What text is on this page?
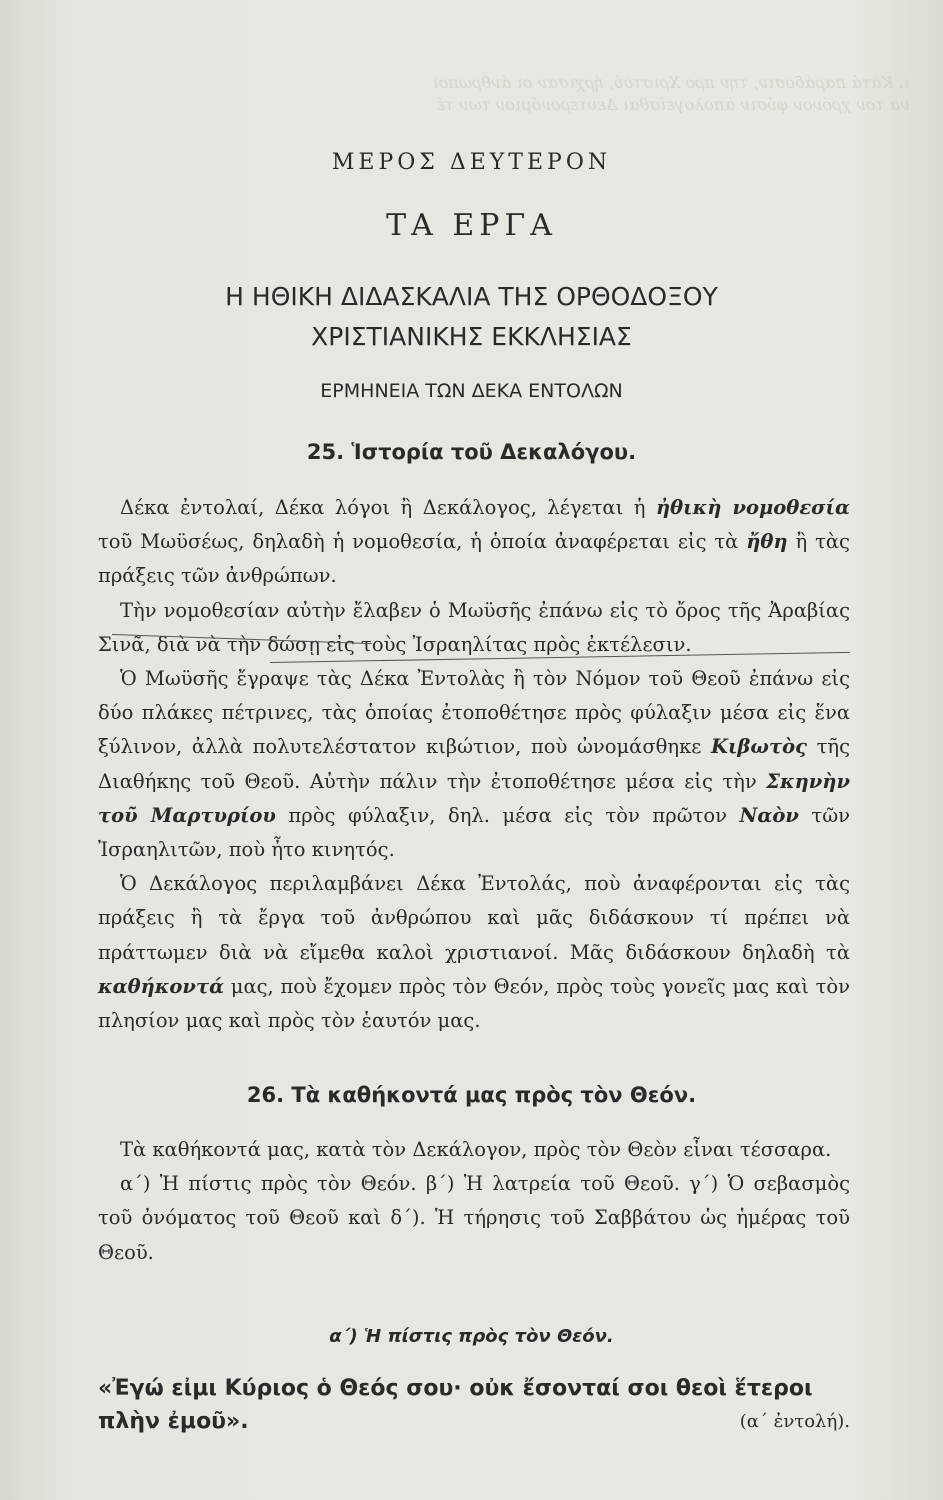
ι. Κατά παράδοσιν, την προ Χριστού, ήρχισαν οι άνθρωποι
να τον χρόνον φύσιν απολογείσθαι Δευτερονόμιον των τέ
ΜΕΡΟΣ ΔΕΥΤΕΡΟΝ
ΤΑ ΕΡΓΑ
Η ΗΘΙΚΗ ΔΙΔΑΣΚΑΛΙΑ ΤΗΣ ΟΡΘΟΔΟΞΟΥ
ΧΡΙΣΤΙΑΝΙΚΗΣ ΕΚΚΛΗΣΙΑΣ
ΕΡΜΗΝΕΙΑ ΤΩΝ ΔΕΚΑ ΕΝΤΟΛΩΝ
25. Ἱστορία τοῦ Δεκαλόγου.

Δέκα ἐντολαί, Δέκα λόγοι ἢ Δεκάλογος, λέγεται ἡ ἠθικὴ νομοθεσία τοῦ Μωϋσέως, δηλαδὴ ἡ νομοθεσία, ἡ ὁποία ἀναφέρεται εἰς τὰ ἤθη ἢ τὰς πράξεις τῶν ἀνθρώπων.

Τὴν νομοθεσίαν αὐτὴν ἔλαβεν ὁ Μωϋσῆς ἐπάνω εἰς τὸ ὄρος τῆς Ἀραβίας Σινᾶ, διὰ νὰ τὴν δώσῃ εἰς τοὺς Ἰσραηλίτας πρὸς ἐκτέλεσιν.

Ὁ Μωϋσῆς ἔγραψε τὰς Δέκα Ἐντολὰς ἢ τὸν Νόμον τοῦ Θεοῦ ἐπάνω εἰς δύο πλάκες πέτρινες, τὰς ὁποίας ἐτοποθέτησε πρὸς φύλαξιν μέσα εἰς ἕνα ξύλινον, ἀλλὰ πολυτελέστατον κιβώτιον, ποὺ ὠνομάσθηκε Κιβωτὸς τῆς Διαθήκης τοῦ Θεοῦ. Αὐτὴν πάλιν τὴν ἐτοποθέτησε μέσα εἰς τὴν Σκηνὴν τοῦ Μαρτυρίου πρὸς φύλαξιν, δηλ. μέσα εἰς τὸν πρῶτον Ναὸν τῶν Ἰσραηλιτῶν, ποὺ ἦτο κινητός.

Ὁ Δεκάλογος περιλαμβάνει Δέκα Ἐντολάς, ποὺ ἀναφέρονται εἰς τὰς πράξεις ἢ τὰ ἔργα τοῦ ἀνθρώπου καὶ μᾶς διδάσκουν τί πρέπει νὰ πράττωμεν διὰ νὰ εἴμεθα καλοὶ χριστιανοί. Μᾶς διδάσκουν δηλαδὴ τὰ καθήκοντά μας, ποὺ ἔχομεν πρὸς τὸν Θεόν, πρὸς τοὺς γονεῖς μας καὶ τὸν πλησίον μας καὶ πρὸς τὸν ἑαυτόν μας.

26. Τὰ καθήκοντά μας πρὸς τὸν Θεόν.

Τὰ καθήκοντά μας, κατὰ τὸν Δεκάλογον, πρὸς τὸν Θεὸν εἶναι τέσσαρα.

α΄) Ἡ πίστις πρὸς τὸν Θεόν. β΄) Ἡ λατρεία τοῦ Θεοῦ. γ΄) Ὁ σεβασμὸς τοῦ ὀνόματος τοῦ Θεοῦ καὶ δ΄). Ἡ τήρησις τοῦ Σαββάτου ὡς ἡμέρας τοῦ Θεοῦ.

α΄) Ἡ πίστις πρὸς τὸν Θεόν.
«Ἐγώ εἰμι Κύριος ὁ Θεός σου· οὐκ ἔσονταί σοι θεοὶ ἕτεροι πλὴν ἐμοῦ».	(α΄ ἐντολή).
